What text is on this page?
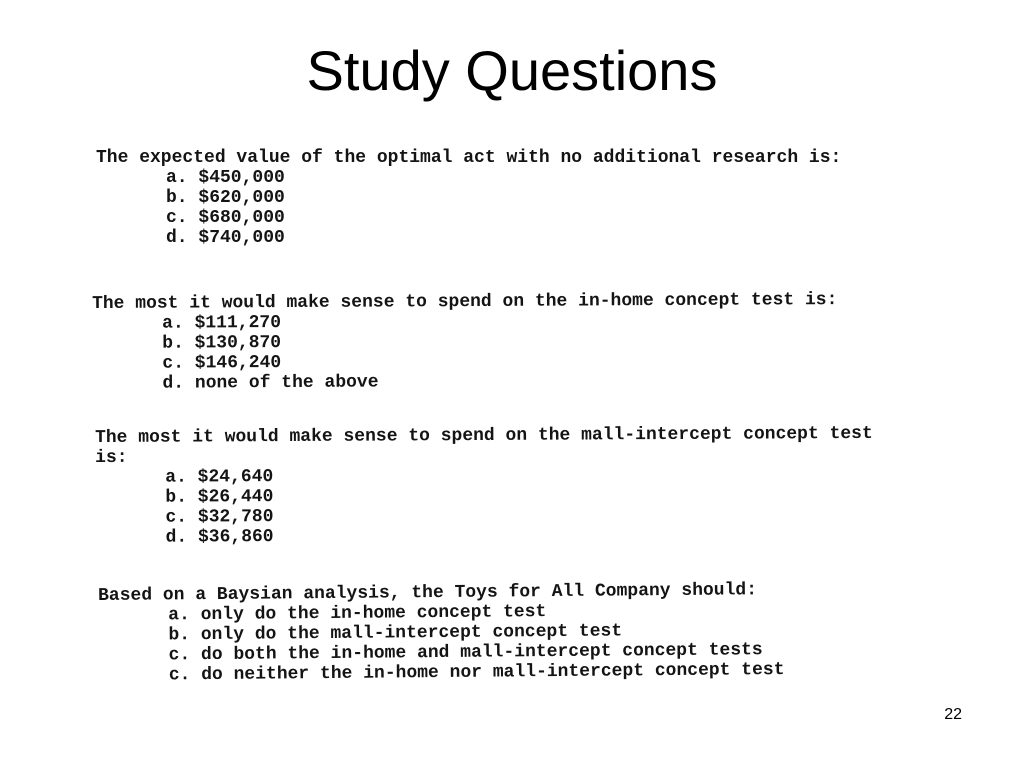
Study Questions

The expected value of the optimal act with no additional research is:

a. $450,000
b. $620,000
c. $680,000
d. $740,000

The most it would make sense to spend on the in-home concept test is:

a. $111,270
b. $130,870
c. $146,240
d. none of the above

The most it would make sense to spend on the mall-intercept concept test is:

a. $24,640
b. $26,440
c. $32,780
d. $36,860

Based on a Baysian analysis, the Toys for All Company should:

a. only do the in-home concept test
b. only do the mall-intercept concept test
c. do both the in-home and mall-intercept concept tests
c. do neither the in-home nor mall-intercept concept test
22
